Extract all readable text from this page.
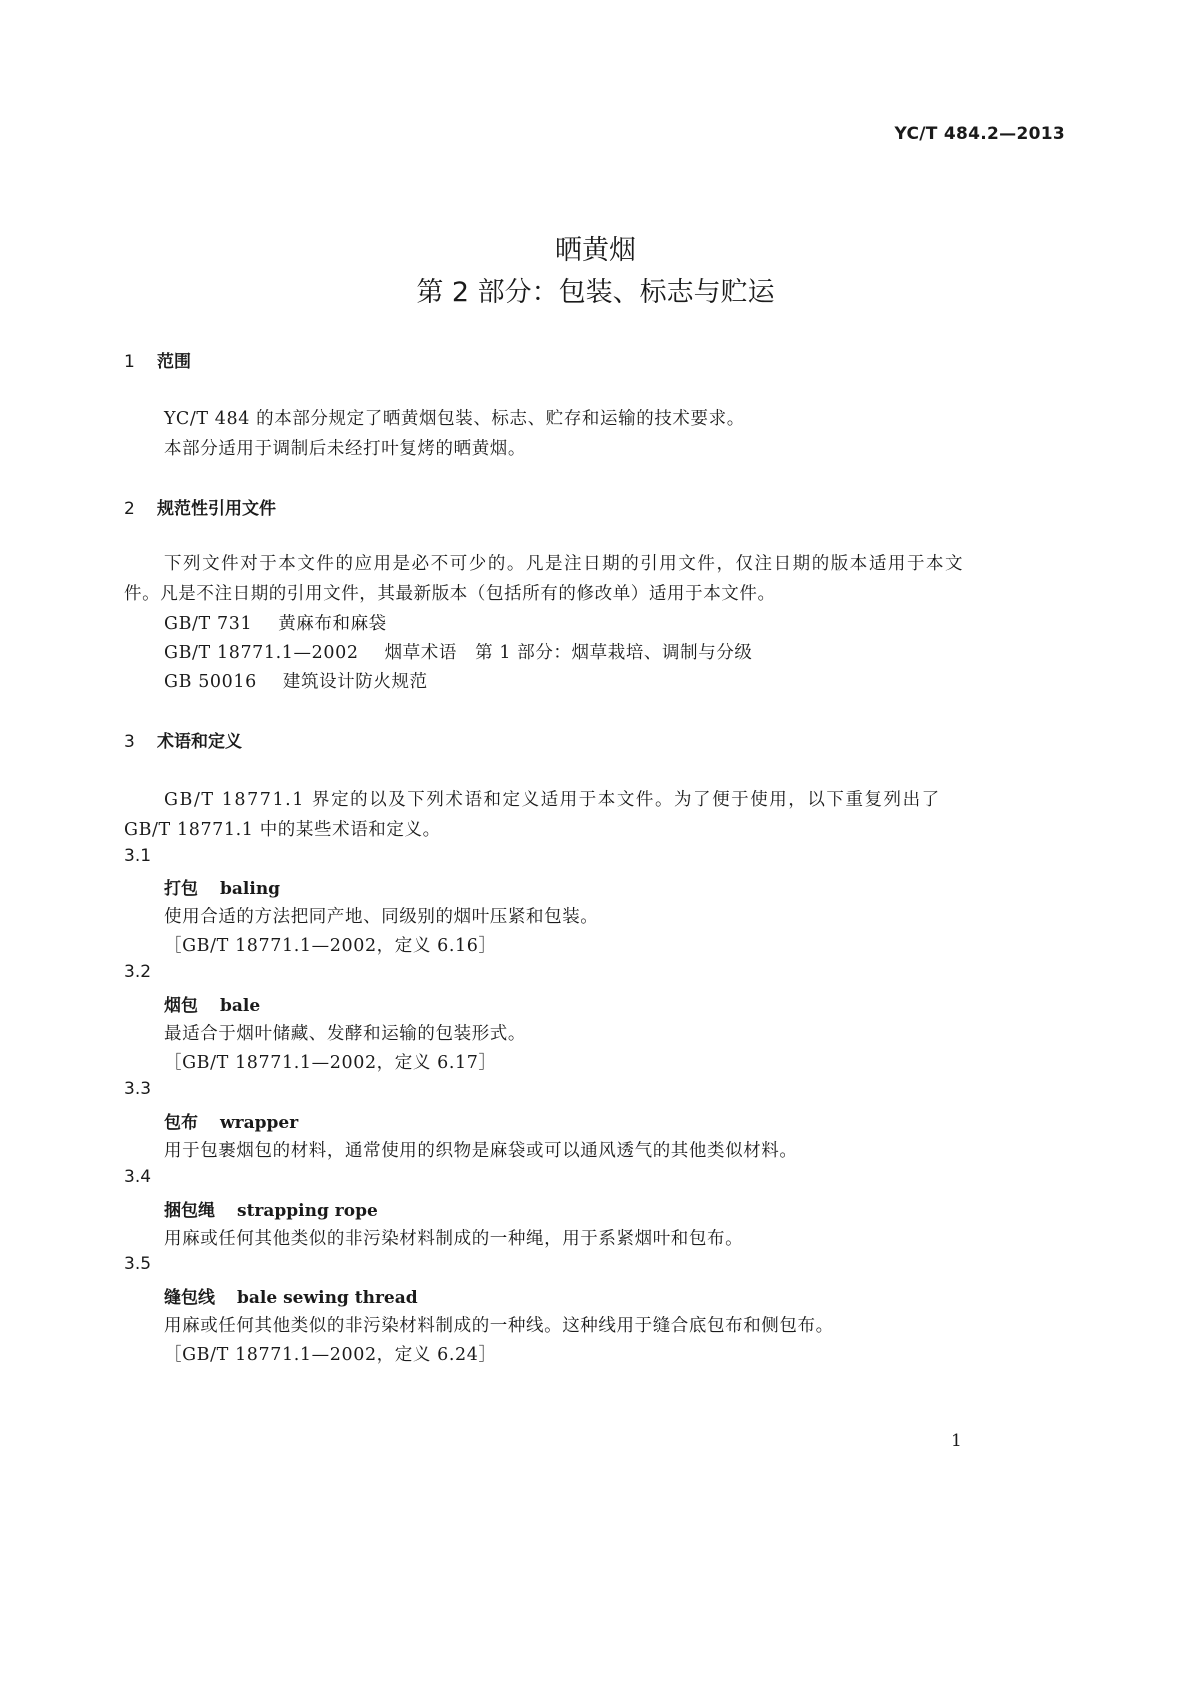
YC/T 484.2—2013
晒黄烟
第 2 部分：包装、标志与贮运
1 范围
YC/T 484 的本部分规定了晒黄烟包装、标志、贮存和运输的技术要求。
本部分适用于调制后未经打叶复烤的晒黄烟。
2 规范性引用文件
下列文件对于本文件的应用是必不可少的。凡是注日期的引用文件，仅注日期的版本适用于本文
件。凡是不注日期的引用文件，其最新版本（包括所有的修改单）适用于本文件。
GB/T 731 黄麻布和麻袋
GB/T 18771.1—2002 烟草术语　第 1 部分：烟草栽培、调制与分级
GB 50016 建筑设计防火规范
3 术语和定义
GB/T 18771.1 界定的以及下列术语和定义适用于本文件。为了便于使用，以下重复列出了
GB/T 18771.1 中的某些术语和定义。
3.1
打包 baling
使用合适的方法把同产地、同级别的烟叶压紧和包装。
［GB/T 18771.1—2002，定义 6.16］
3.2
烟包 bale
最适合于烟叶储藏、发酵和运输的包装形式。
［GB/T 18771.1—2002，定义 6.17］
3.3
包布 wrapper
用于包裹烟包的材料，通常使用的织物是麻袋或可以通风透气的其他类似材料。
3.4
捆包绳 strapping rope
用麻或任何其他类似的非污染材料制成的一种绳，用于系紧烟叶和包布。
3.5
缝包线 bale sewing thread
用麻或任何其他类似的非污染材料制成的一种线。这种线用于缝合底包布和侧包布。
［GB/T 18771.1—2002，定义 6.24］
1
